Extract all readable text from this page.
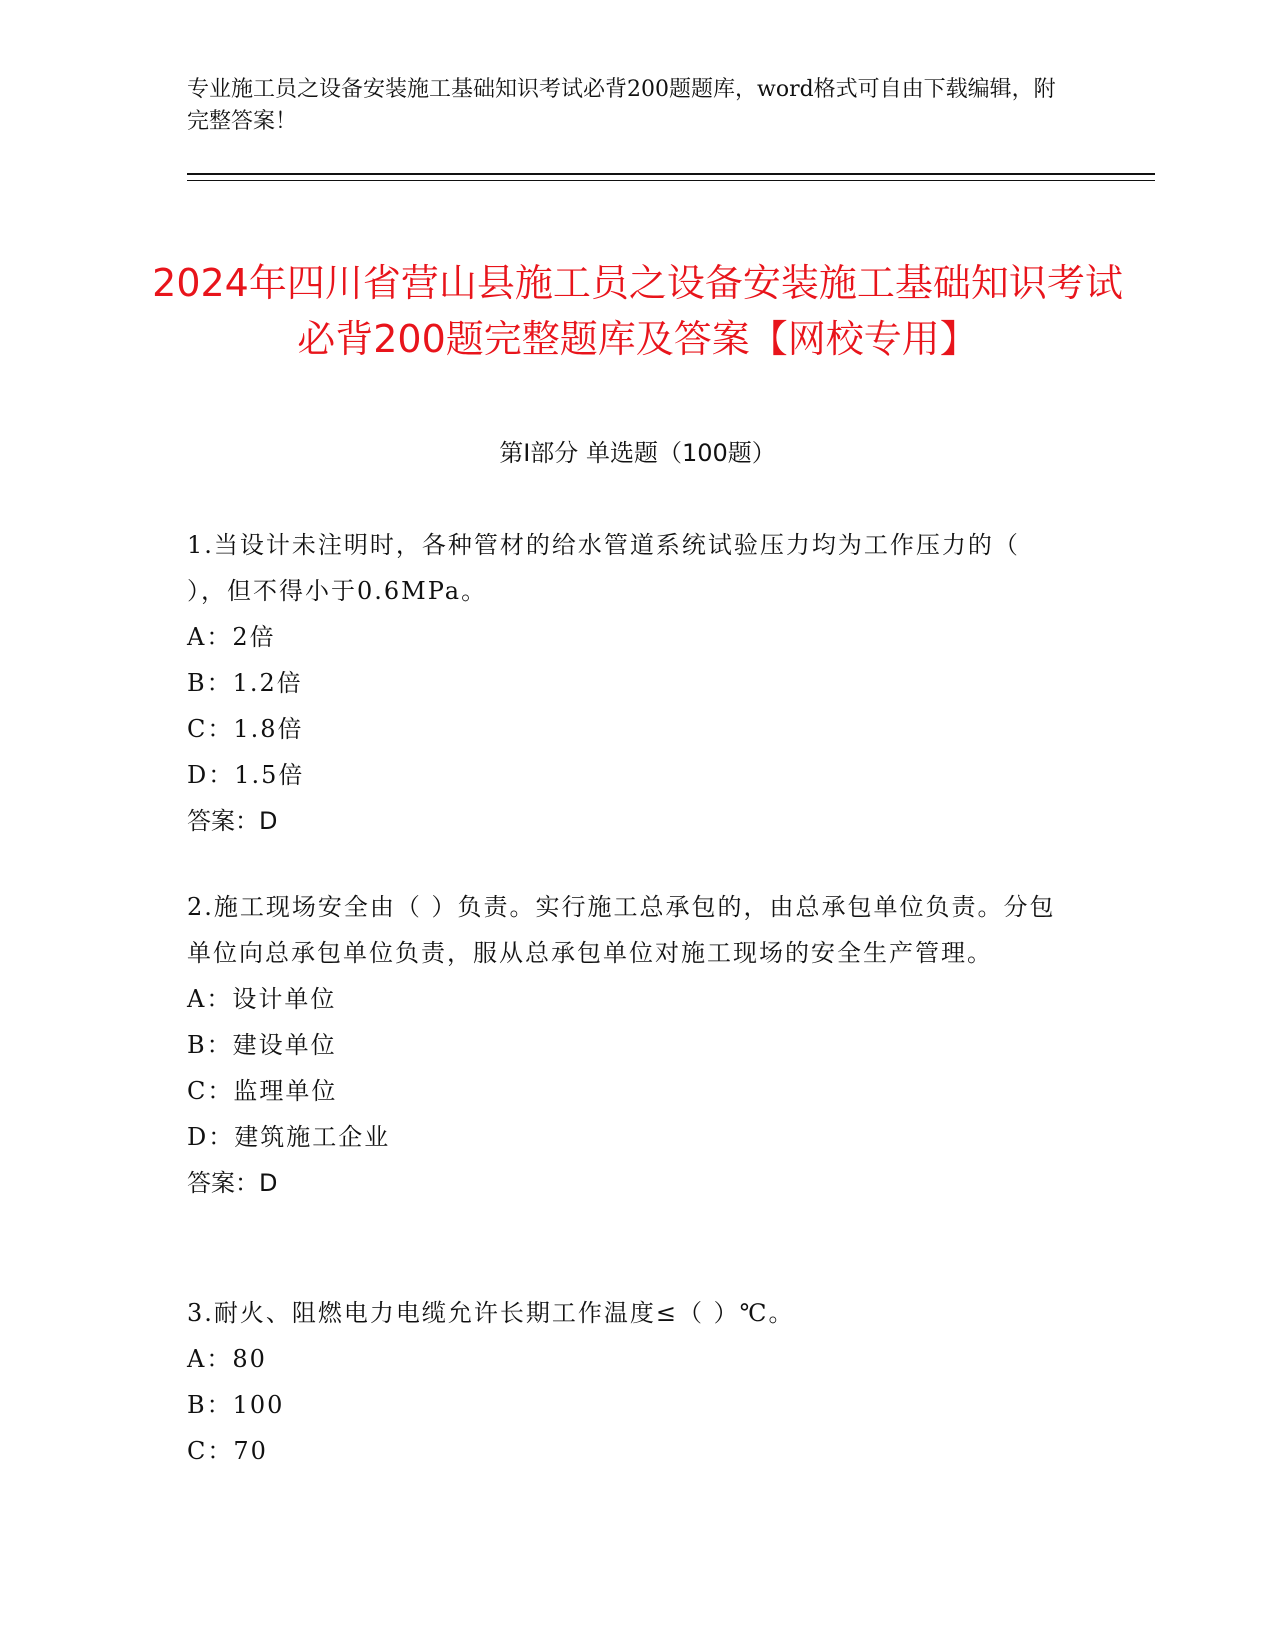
专业施工员之设备安装施工基础知识考试必背200题题库，word格式可自由下载编辑，附完整答案！
2024年四川省营山县施工员之设备安装施工基础知识考试必背200题完整题库及答案【网校专用】
第I部分 单选题（100题）
1.当设计未注明时，各种管材的给水管道系统试验压力均为工作压力的（ ），但不得小于0.6MPa。
A：2倍
B：1.2倍
C：1.8倍
D：1.5倍
答案：D
2.施工现场安全由（ ）负责。实行施工总承包的，由总承包单位负责。分包单位向总承包单位负责，服从总承包单位对施工现场的安全生产管理。
A：设计单位
B：建设单位
C：监理单位
D：建筑施工企业
答案：D
3.耐火、阻燃电力电缆允许长期工作温度≤（ ）℃。
A：80
B：100
C：70
